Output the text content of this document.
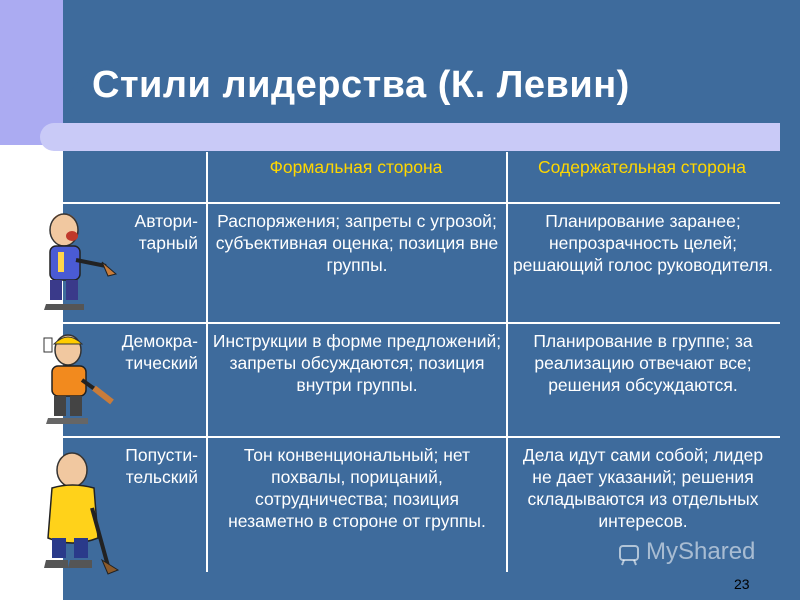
Стили лидерства (К. Левин)
Формальная сторона	Содержательная сторона
Автори-тарный
Распоряжения; запреты с угрозой; субъективная оценка; позиция вне группы.
Планирование заранее; непрозрачность целей; решающий голос руководителя.
Демокра-тический
Инструкции в форме предложений; запреты обсуждаются; позиция внутри группы.
Планирование в группе; за реализацию отвечают все; решения обсуждаются.
Попусти-тельский
Тон конвенциональный; нет похвалы, порицаний, сотрудничества; позиция незаметно в стороне от группы.
Дела идут сами собой; лидер не дает указаний; решения складываются из отдельных интересов.
MyShared
23
